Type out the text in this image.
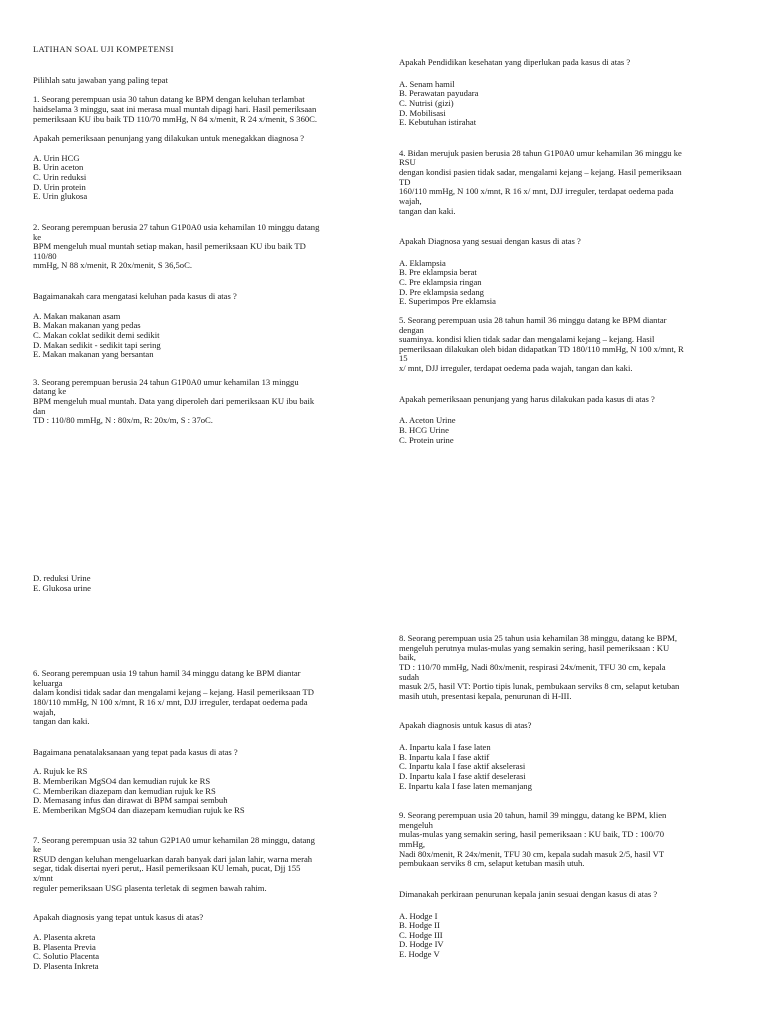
LATIHAN SOAL UJI KOMPETENSI
Pilihlah satu jawaban yang paling tepat
1. Seorang perempuan usia 30 tahun datang ke BPM dengan keluhan terlambat
haidselama 3 minggu, saat ini merasa mual muntah dipagi hari. Hasil pemeriksaan
pemeriksaan KU ibu baik TD 110/70 mmHg, N 84 x/menit, R 24 x/menit, S 360C.
Apakah pemeriksaan penunjang yang dilakukan untuk menegakkan diagnosa ?
A. Urin HCG
B. Urin aceton
C. Urin reduksi
D. Urin protein
E. Urin glukosa
2. Seorang perempuan berusia 27 tahun G1P0A0 usia kehamilan 10 minggu datang
ke
BPM mengeluh mual muntah setiap makan, hasil pemeriksaan KU ibu baik TD
110/80
mmHg, N 88 x/menit, R 20x/menit, S 36,5oC.
Bagaimanakah cara mengatasi keluhan pada kasus di atas ?
A. Makan makanan asam
B. Makan makanan yang pedas
C. Makan coklat sedikit demi sedikit
D. Makan sedikit - sedikit tapi sering
E. Makan makanan yang bersantan
3. Seorang perempuan berusia 24 tahun G1P0A0 umur kehamilan 13 minggu
datang ke
BPM mengeluh mual muntah. Data yang diperoleh dari pemeriksaan KU ibu baik
dan
TD : 110/80 mmHg, N : 80x/m, R: 20x/m, S : 37oC.
D. reduksi Urine
E. Glukosa urine
6. Seorang perempuan usia 19 tahun hamil 34 minggu datang ke BPM diantar
keluarga
dalam kondisi tidak sadar dan mengalami kejang – kejang. Hasil pemeriksaan TD
180/110 mmHg, N 100 x/mnt, R 16 x/ mnt, DJJ irreguler, terdapat oedema pada
wajah,
tangan dan kaki.
Bagaimana penatalaksanaan yang tepat pada kasus di atas ?
A. Rujuk ke RS
B. Memberikan MgSO4 dan kemudian rujuk ke RS
C. Memberikan diazepam dan kemudian rujuk ke RS
D. Memasang infus dan dirawat di BPM sampai sembuh
E. Memberikan MgSO4 dan diazepam kemudian rujuk ke RS
7. Seorang perempuan usia 32 tahun G2P1A0 umur kehamilan 28 minggu, datang
ke
RSUD dengan keluhan mengeluarkan darah banyak dari jalan lahir, warna merah
segar, tidak disertai nyeri perut,. Hasil pemeriksaan KU lemah, pucat, Djj 155
x/mnt
reguler pemeriksaan USG plasenta terletak di segmen bawah rahim.
Apakah diagnosis yang tepat untuk kasus di atas?
A. Plasenta akreta
B. Plasenta Previa
C. Solutio Placenta
D. Plasenta Inkreta
Apakah Pendidikan kesehatan yang diperlukan pada kasus di atas ?
A. Senam hamil
B. Perawatan payudara
C. Nutrisi (gizi)
D. Mobilisasi
E. Kebutuhan istirahat
4. Bidan merujuk pasien berusia 28 tahun G1P0A0 umur kehamilan 36 minggu ke
RSU
dengan kondisi pasien tidak sadar, mengalami kejang – kejang. Hasil pemeriksaan
TD
160/110 mmHg, N 100 x/mnt, R 16 x/ mnt, DJJ irreguler, terdapat oedema pada
wajah,
tangan dan kaki.
Apakah Diagnosa yang sesuai dengan kasus di atas ?
A. Eklampsia
B. Pre eklampsia berat
C. Pre eklampsia ringan
D. Pre eklampsia sedang
E. Superimpos Pre eklamsia
5. Seorang perempuan usia 28 tahun hamil 36 minggu datang ke BPM diantar
dengan
suaminya. kondisi klien tidak sadar dan mengalami kejang – kejang. Hasil
pemeriksaan dilakukan oleh bidan didapatkan TD 180/110 mmHg, N 100 x/mnt, R
15
x/ mnt, DJJ irreguler, terdapat oedema pada wajah, tangan dan kaki.
Apakah pemeriksaan penunjang yang harus dilakukan pada kasus di atas ?
A. Aceton Urine
B. HCG Urine
C. Protein urine
8. Seorang perempuan usia 25 tahun usia kehamilan 38 minggu, datang ke BPM,
mengeluh perutnya mulas-mulas yang semakin sering, hasil pemeriksaan : KU
baik,
TD : 110/70 mmHg, Nadi 80x/menit, respirasi 24x/menit, TFU 30 cm, kepala
sudah
masuk 2/5, hasil VT: Portio tipis lunak, pembukaan serviks 8 cm, selaput ketuban
masih utuh, presentasi kepala, penurunan di H-III.
Apakah diagnosis untuk kasus di atas?
A. Inpartu kala I fase laten
B. Inpartu kala I fase aktif
C. Inpartu kala I fase aktif akselerasi
D. Inpartu kala I fase aktif deselerasi
E. Inpartu kala I fase laten memanjang
9. Seorang perempuan usia 20 tahun, hamil 39 minggu, datang ke BPM, klien
mengeluh
mulas-mulas yang semakin sering, hasil pemeriksaan : KU baik, TD : 100/70
mmHg,
Nadi 80x/menit, R 24x/menit, TFU 30 cm, kepala sudah masuk 2/5, hasil VT
pembukaan serviks 8 cm, selaput ketuban masih utuh.
Dimanakah perkiraan penurunan kepala janin sesuai dengan kasus di atas ?
A. Hodge I
B. Hodge II
C. Hodge III
D. Hodge IV
E. Hodge V
